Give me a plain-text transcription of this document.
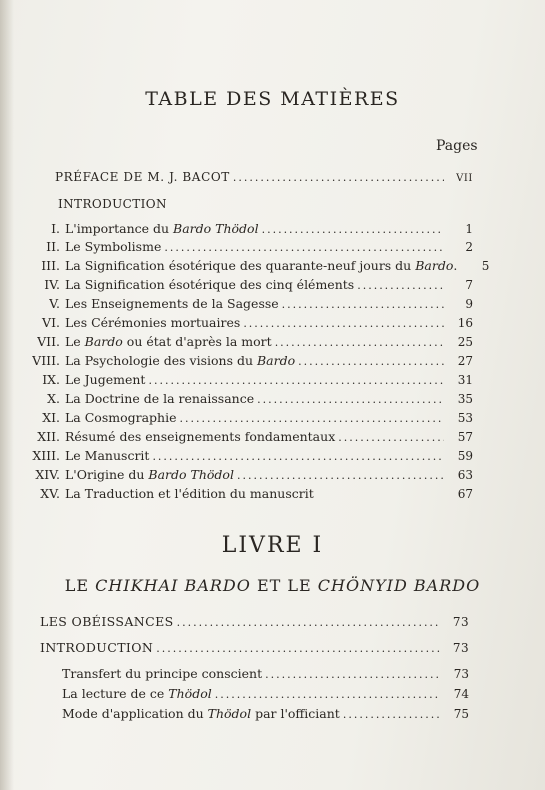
TABLE DES MATIÈRES
Pages
PRÉFACE DE M. J. BACOT .....	VII
INTRODUCTION
I. L'importance du Bardo Thödol .....	1
II. Le Symbolisme .....	2
III. La Signification ésotérique des quarante-neuf jours du Bardo.	5
IV. La Signification ésotérique des cinq éléments .....	7
V. Les Enseignements de la Sagesse .....	9
VI. Les Cérémonies mortuaires .....	16
VII. Le Bardo ou état d'après la mort .....	25
VIII. La Psychologie des visions du Bardo .....	27
IX. Le Jugement .....	31
X. La Doctrine de la renaissance .....	35
XI. La Cosmographie .....	53
XII. Résumé des enseignements fondamentaux .....	57
XIII. Le Manuscrit .....	59
XIV. L'Origine du Bardo Thödol .....	63
XV. La Traduction et l'édition du manuscrit	67
LIVRE I
LE CHIKHAI BARDO ET LE CHÖNYID BARDO
LES OBÉISSANCES .....	73
INTRODUCTION .....	73
Transfert du principe conscient .....	73
La lecture de ce Thödol .....	74
Mode d'application du Thödol par l'officiant .....	75
